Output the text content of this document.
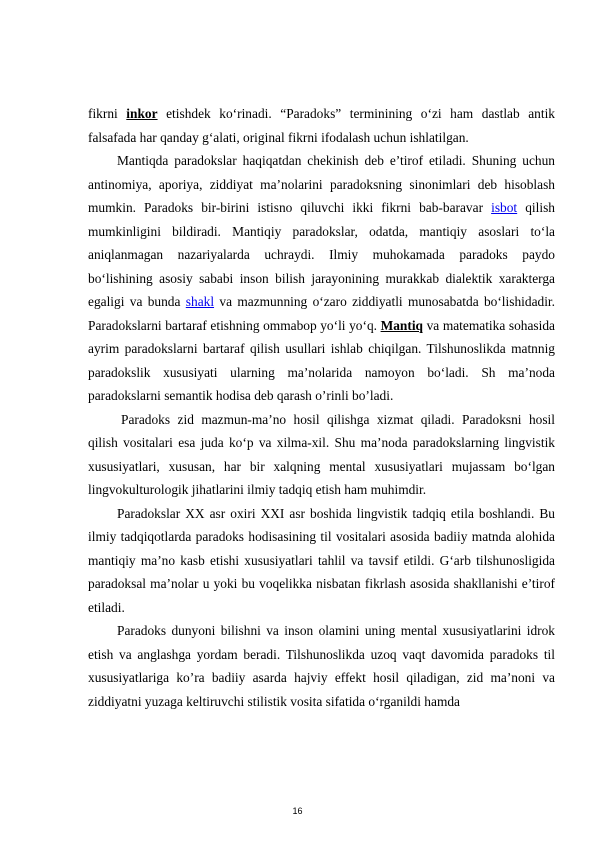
fikrni inkor etishdek ko‘rinadi. “Paradoks” terminining o‘zi ham dastlab antik falsafada har qanday g‘alati, original fikrni ifodalash uchun ishlatilgan.

Mantiqda paradokslar haqiqatdan chekinish deb e’tirof etiladi. Shuning uchun antinomiya, aporiya, ziddiyat ma’nolarini paradoksning sinonimlari deb hisoblash mumkin. Paradoks bir-birini istisno qiluvchi ikki fikrni bab-baravar isbot qilish mumkinligini bildiradi. Mantiqiy paradokslar, odatda, mantiqiy asoslari to‘la aniqlanmagan nazariyalarda uchraydi. Ilmiy muhokamada paradoks paydo bo‘lishining asosiy sababi inson bilish jarayonining murakkab dialektik xarakterga egaligi va bunda shakl va mazmunning o‘zaro ziddiyatli munosabatda bo‘lishidadir. Paradokslarni bartaraf etishning ommabop yo‘li yo‘q. Mantiq va matematika sohasida ayrim paradokslarni bartaraf qilish usullari ishlab chiqilgan. Tilshunoslikda matnnig paradokslik xususiyati ularning ma’nolarida namoyon bo‘ladi. Sh ma’noda paradokslarni semantik hodisa deb qarash o’rinli bo’ladi.

Paradoks zid mazmun-ma’no hosil qilishga xizmat qiladi. Paradoksni hosil qilish vositalari esa juda ko‘p va xilma-xil. Shu ma’noda paradokslarning lingvistik xususiyatlari, xususan, har bir xalqning mental xususiyatlari mujassam bo‘lgan lingvokulturologik jihatlarini ilmiy tadqiq etish ham muhimdir.

Paradokslar XX asr oxiri XXI asr boshida lingvistik tadqiq etila boshlandi. Bu ilmiy tadqiqotlarda paradoks hodisasining til vositalari asosida badiiy matnda alohida mantiqiy ma’no kasb etishi xususiyatlari tahlil va tavsif etildi. G‘arb tilshunosligida paradoksal ma’nolar u yoki bu voqelikka nisbatan fikrlash asosida shakllanishi e’tirof etiladi.

Paradoks dunyoni bilishni va inson olamini uning mental xususiyatlarini idrok etish va anglashga yordam beradi. Tilshunoslikda uzoq vaqt davomida paradoks til xususiyatlariga ko’ra badiiy asarda hajviy effekt hosil qiladigan, zid ma’noni va ziddiyatni yuzaga keltiruvchi stilistik vosita sifatida o‘rganildi hamda

16
